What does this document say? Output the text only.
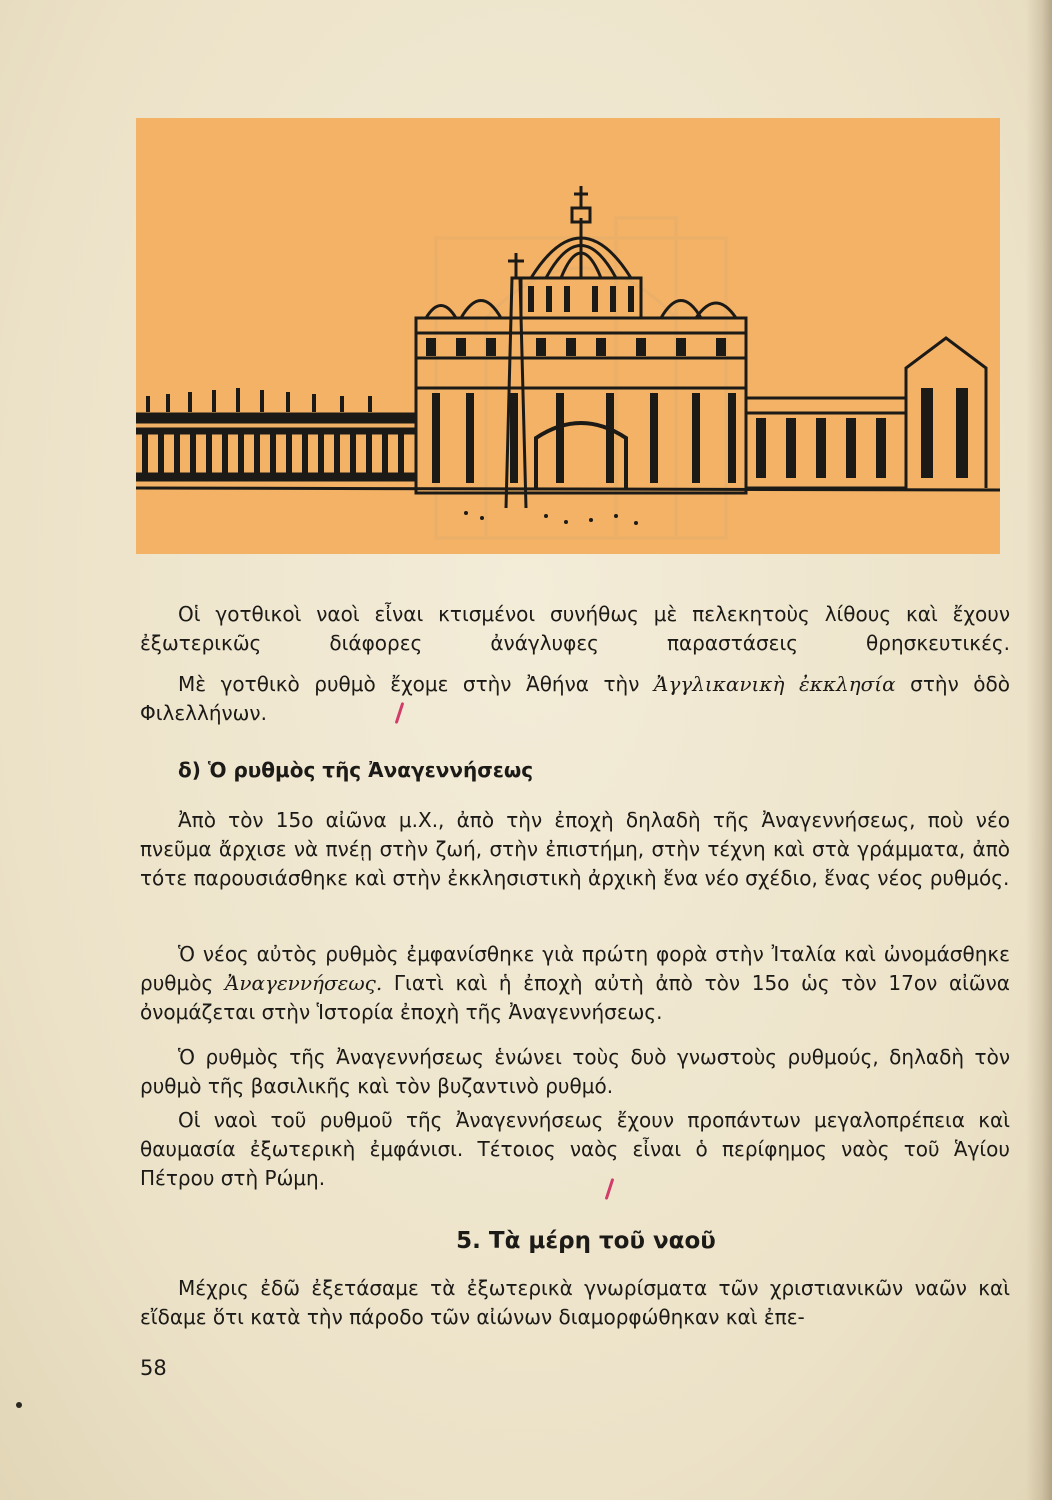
Οἱ γοτθικοὶ ναοὶ εἶναι κτισμένοι συνήθως μὲ πελεκητοὺς λίθους καὶ ἔχουν ἐξωτερικῶς διάφορες ἀνάγλυφες παραστάσεις θρησκευτικές.
Μὲ γοτθικὸ ρυθμὸ ἔχομε στὴν Ἀθήνα τὴν Ἀγγλικανικὴ ἐκκλησία στὴν ὁδὸ Φιλελλήνων.
δ) Ὁ ρυθμὸς τῆς Ἀναγεννήσεως
Ἀπὸ τὸν 15ο αἰῶνα μ.Χ., ἀπὸ τὴν ἐποχὴ δηλαδὴ τῆς Ἀναγεννήσεως, ποὺ νέο πνεῦμα ἄρχισε νὰ πνέῃ στὴν ζωή, στὴν ἐπιστήμη, στὴν τέχνη καὶ στὰ γράμματα, ἀπὸ τότε παρουσιάσθηκε καὶ στὴν ἐκκλησιστικὴ ἀρχικὴ ἕνα νέο σχέδιο, ἕνας νέος ρυθμός.
Ὁ νέος αὐτὸς ρυθμὸς ἐμφανίσθηκε γιὰ πρώτη φορὰ στὴν Ἰταλία καὶ ὠνομάσθηκε ρυθμὸς Ἀναγεννήσεως. Γιατὶ καὶ ἡ ἐποχὴ αὐτὴ ἀπὸ τὸν 15ο ὡς τὸν 17ον αἰῶνα ὀνομάζεται στὴν Ἱστορία ἐποχὴ τῆς Ἀναγεννήσεως.
Ὁ ρυθμὸς τῆς Ἀναγεννήσεως ἑνώνει τοὺς δυὸ γνωστοὺς ρυθμούς, δηλαδὴ τὸν ρυθμὸ τῆς βασιλικῆς καὶ τὸν βυζαντινὸ ρυθμό.
Οἱ ναοὶ τοῦ ρυθμοῦ τῆς Ἀναγεννήσεως ἔχουν προπάντων μεγαλοπρέπεια καὶ θαυμασία ἐξωτερικὴ ἐμφάνισι. Τέτοιος ναὸς εἶναι ὁ περίφημος ναὸς τοῦ Ἁγίου Πέτρου στὴ Ρώμη.
5. Τὰ μέρη τοῦ ναοῦ
Μέχρις ἐδῶ ἐξετάσαμε τὰ ἐξωτερικὰ γνωρίσματα τῶν χριστιανικῶν ναῶν καὶ εἴδαμε ὅτι κατὰ τὴν πάροδο τῶν αἰώνων διαμορφώθηκαν καὶ ἐπε-
58
